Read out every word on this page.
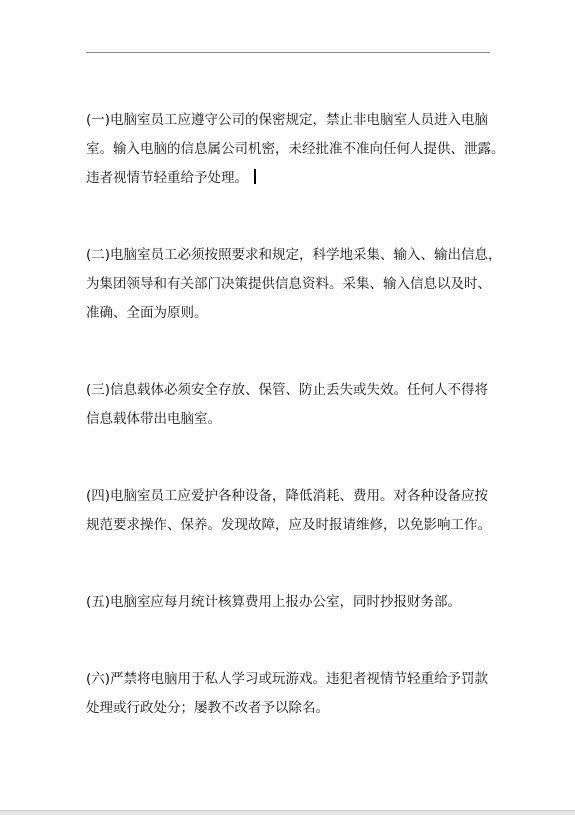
(一)电脑室员工应遵守公司的保密规定，禁止非电脑室人员进入电脑
室。输入电脑的信息属公司机密，未经批准不准向任何人提供、泄露。
违者视情节轻重给予处理。

(二)电脑室员工必须按照要求和规定，科学地采集、输入、输出信息，
为集团领导和有关部门决策提供信息资料。采集、输入信息以及时、
准确、全面为原则。

(三)信息载体必须安全存放、保管、防止丢失或失效。任何人不得将
信息载体带出电脑室。

(四)电脑室员工应爱护各种设备，降低消耗、费用。对各种设备应按
规范要求操作、保养。发现故障，应及时报请维修，以免影响工作。

(五)电脑室应每月统计核算费用上报办公室，同时抄报财务部。

(六)严禁将电脑用于私人学习或玩游戏。违犯者视情节轻重给予罚款
处理或行政处分；屡教不改者予以除名。
